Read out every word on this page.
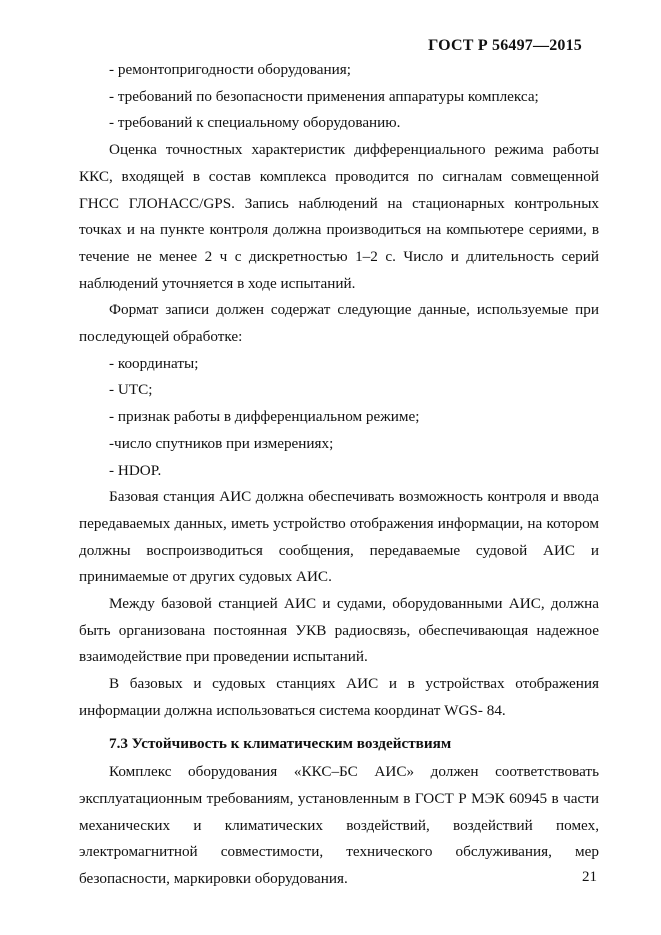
ГОСТ Р 56497—2015

- ремонтопригодности оборудования;

- требований по безопасности применения аппаратуры комплекса;

- требований к специальному оборудованию.

Оценка точностных характеристик дифференциального режима работы ККС, входящей в состав комплекса проводится по сигналам совмещенной ГНСС ГЛОНАСС/GPS. Запись наблюдений на стационарных контрольных точках и на пункте контроля должна производиться на компьютере сериями, в течение не менее 2 ч с дискретностью 1–2 с. Число и длительность серий наблюдений уточняется в ходе испытаний.

Формат записи должен содержат следующие данные, используемые при последующей обработке:

- координаты;

- UTC;

- признак работы в дифференциальном режиме;

-число спутников при измерениях;

- HDOP.

Базовая станция АИС должна обеспечивать возможность контроля и ввода передаваемых данных, иметь устройство отображения информации, на котором должны воспроизводиться сообщения, передаваемые судовой АИС и принимаемые от других судовых АИС.

Между базовой станцией АИС и судами, оборудованными АИС, должна быть организована постоянная УКВ радиосвязь, обеспечивающая надежное взаимодействие при проведении испытаний.

В базовых и судовых станциях АИС и в устройствах отображения информации должна использоваться система координат WGS- 84.

7.3 Устойчивость к климатическим воздействиям

Комплекс оборудования «ККС–БС АИС» должен соответствовать эксплуатационным требованиям, установленным в ГОСТ Р МЭК 60945 в части механических и климатических воздействий, воздействий помех, электромагнитной совместимости, технического обслуживания, мер безопасности, маркировки оборудования.	21
